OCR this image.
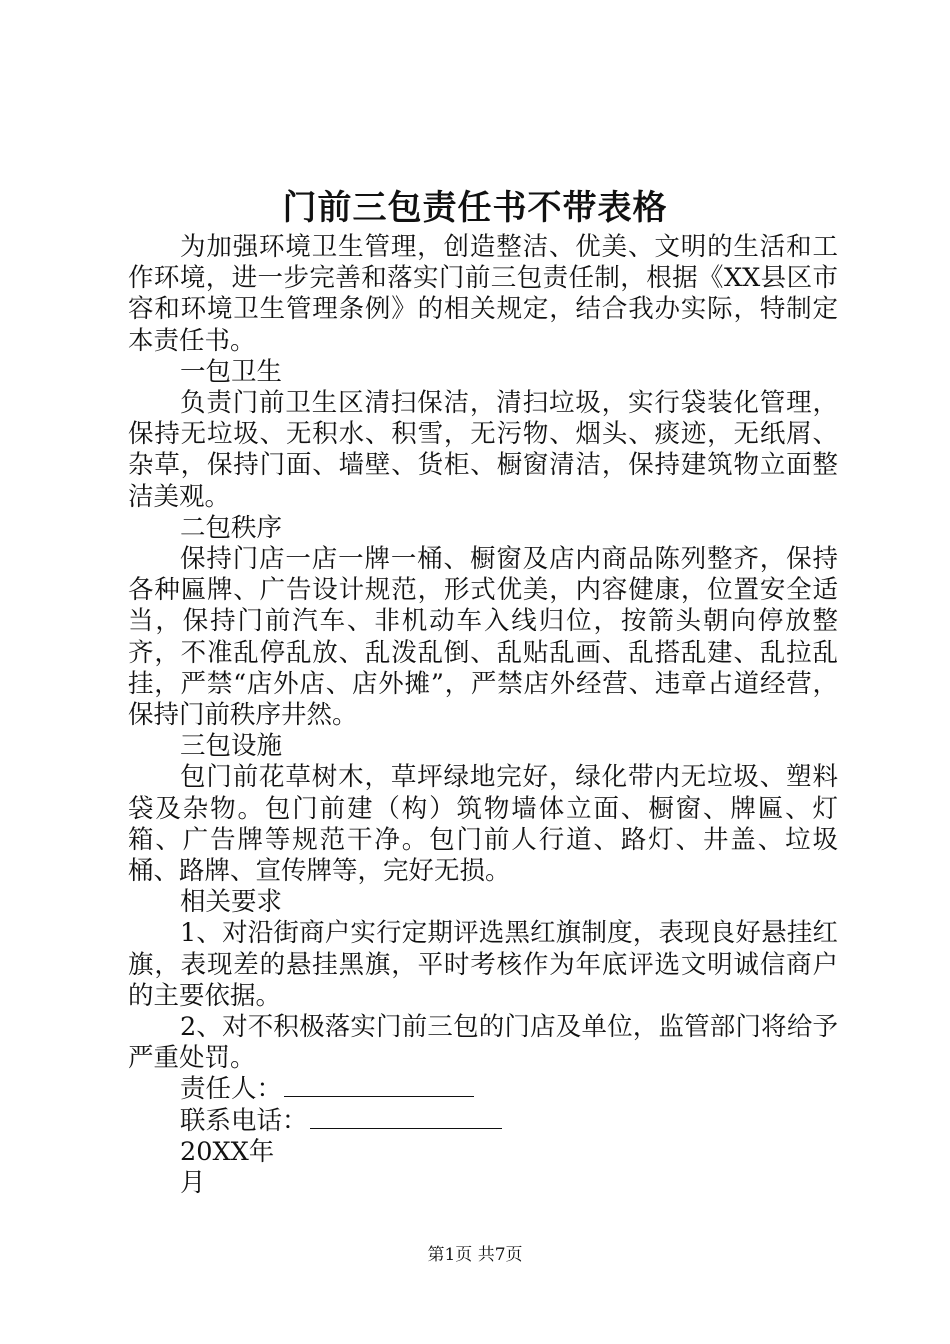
门前三包责任书不带表格

为加强环境卫生管理，创造整洁、优美、文明的生活和工作环境，进一步完善和落实门前三包责任制，根据《XX县区市容和环境卫生管理条例》的相关规定，结合我办实际，特制定本责任书。

一包卫生

负责门前卫生区清扫保洁，清扫垃圾，实行袋装化管理，保持无垃圾、无积水、积雪，无污物、烟头、痰迹，无纸屑、杂草，保持门面、墙壁、货柜、橱窗清洁，保持建筑物立面整洁美观。

二包秩序

保持门店一店一牌一桶、橱窗及店内商品陈列整齐，保持各种匾牌、广告设计规范，形式优美，内容健康，位置安全适当，保持门前汽车、非机动车入线归位，按箭头朝向停放整齐，不准乱停乱放、乱泼乱倒、乱贴乱画、乱搭乱建、乱拉乱挂，严禁“店外店、店外摊”，严禁店外经营、违章占道经营，保持门前秩序井然。

三包设施

包门前花草树木，草坪绿地完好，绿化带内无垃圾、塑料袋及杂物。包门前建（构）筑物墙体立面、橱窗、牌匾、灯箱、广告牌等规范干净。包门前人行道、路灯、井盖、垃圾桶、路牌、宣传牌等，完好无损。

相关要求

1、对沿街商户实行定期评选黑红旗制度，表现良好悬挂红旗，表现差的悬挂黑旗，平时考核作为年底评选文明诚信商户的主要依据。

2、对不积极落实门前三包的门店及单位，监管部门将给予严重处罚。

责任人：

联系电话：

20XX年

月

第1页 共7页
